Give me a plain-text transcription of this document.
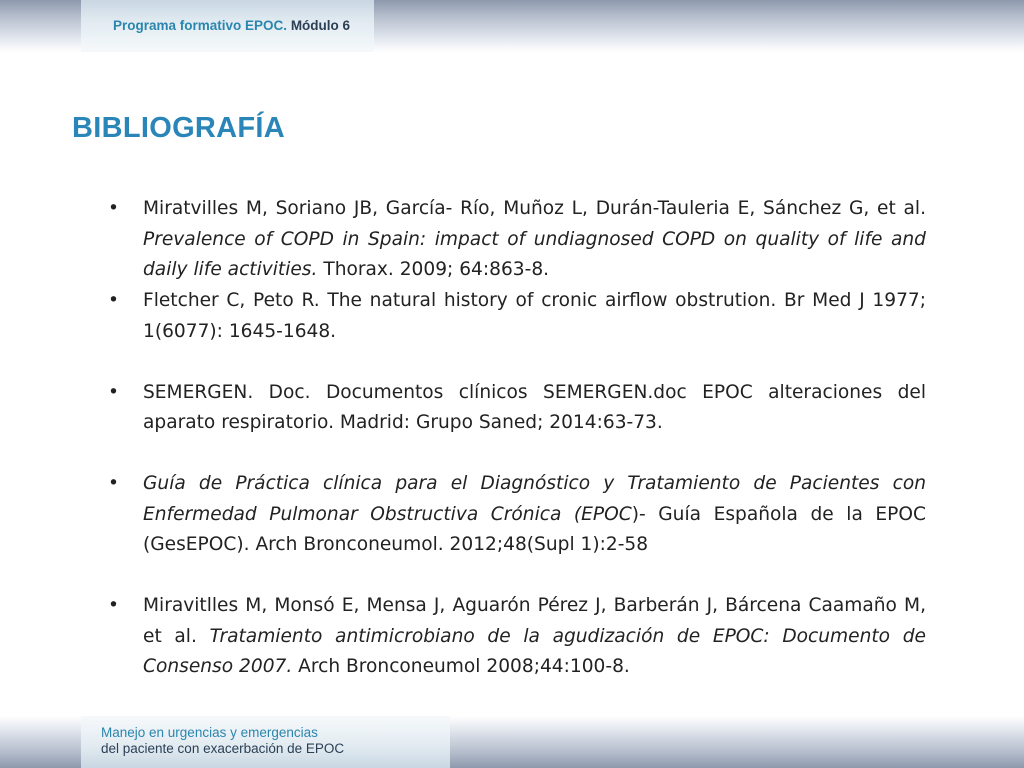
Programa formativo EPOC. Módulo 6
BIBLIOGRAFÍA
• Miratvilles M, Soriano JB, García- Río, Muñoz L, Durán-Tauleria E, Sánchez G, et al. Prevalence of COPD in Spain: impact of undiagnosed COPD on quality of life and daily life activities. Thorax. 2009; 64:863-8.
• Fletcher C, Peto R. The natural history of cronic airflow obstrution. Br Med J 1977; 1(6077): 1645-1648.
• SEMERGEN. Doc. Documentos clínicos SEMERGEN.doc EPOC alteraciones del aparato respiratorio. Madrid: Grupo Saned; 2014:63-73.
• Guía de Práctica clínica para el Diagnóstico y Tratamiento de Pacientes con Enfermedad Pulmonar Obstructiva Crónica (EPOC)- Guía Española de la EPOC (GesEPOC). Arch Bronconeumol. 2012;48(Supl 1):2-58
• Miravitlles M, Monsó E, Mensa J, Aguarón Pérez J, Barberán J, Bárcena Caamaño M, et al. Tratamiento antimicrobiano de la agudización de EPOC: Documento de Consenso 2007. Arch Bronconeumol 2008;44:100-8.
Manejo en urgencias y emergencias
del paciente con exacerbación de EPOC
